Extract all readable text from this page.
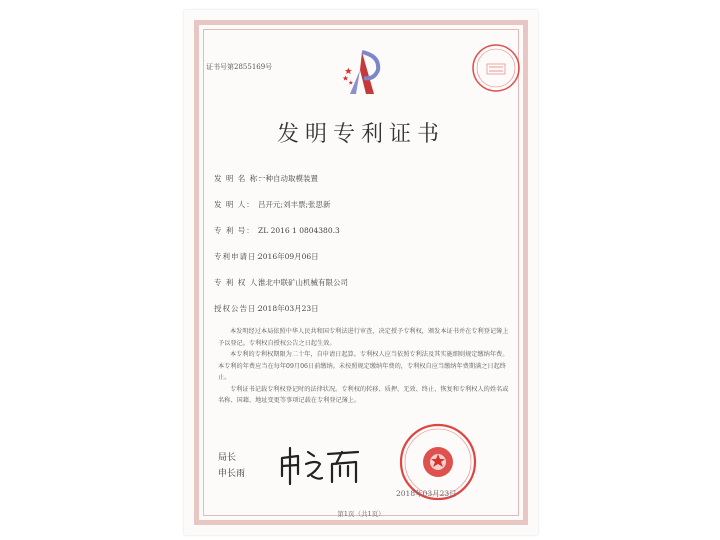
证书号第2855169号
发明专利证书
发 明 名 称：一种自动取模装置
发 明 人： 吕开元;刘丰票;张思新
专 利 号： ZL 2016 1 0804380.3
专利申请日：2016年09月06日
专 利 权 人：淮北中联矿山机械有限公司
授权公告日：2018年03月23日

本发明经过本局依照中华人民共和国专利法进行审查，决定授予专利权，颁发本证书并在专利登记簿上予以登记。专利权自授权公告之日起生效。

本专利的专利权期限为二十年，自申请日起算。专利权人应当依照专利法及其实施细则规定缴纳年费。本专利的年费应当在每年09月06日前缴纳。未按照规定缴纳年费的，专利权自应当缴纳年费期满之日起终止。

专利证书记载专利权登记时的法律状况。专利权的转移、质押、无效、终止、恢复和专利权人的姓名或名称、国籍、地址变更等事项记载在专利登记簿上。

局长
申长雨
2018年03月23日
第1页（共1页）
